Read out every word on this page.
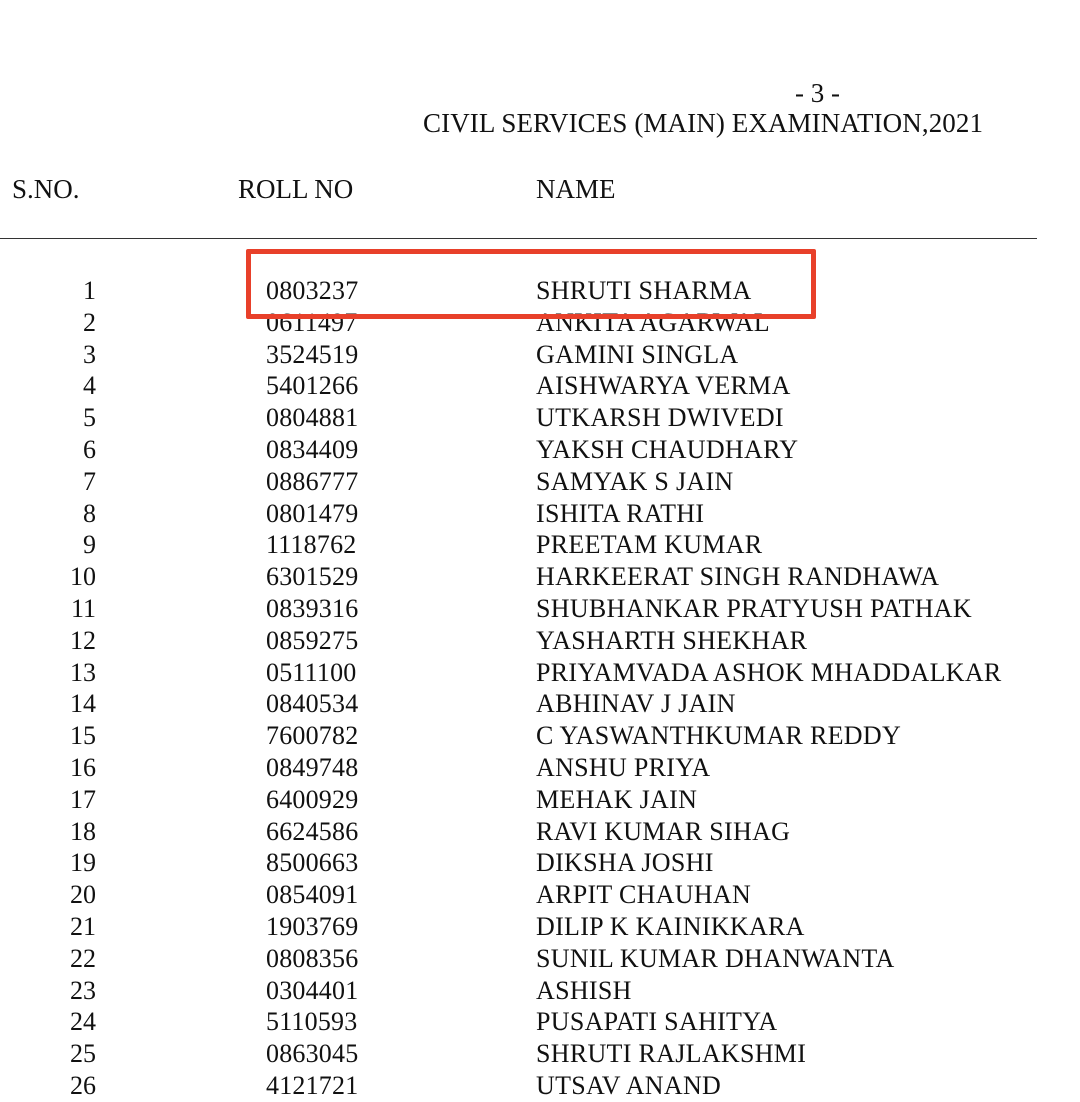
- 3 -
CIVIL SERVICES (MAIN) EXAMINATION,2021
S.NO.	ROLL NO	NAME
1	0803237	SHRUTI SHARMA
2	0611497	ANKITA AGARWAL
3	3524519	GAMINI SINGLA
4	5401266	AISHWARYA VERMA
5	0804881	UTKARSH DWIVEDI
6	0834409	YAKSH CHAUDHARY
7	0886777	SAMYAK S JAIN
8	0801479	ISHITA RATHI
9	1118762	PREETAM KUMAR
10	6301529	HARKEERAT SINGH RANDHAWA
11	0839316	SHUBHANKAR PRATYUSH PATHAK
12	0859275	YASHARTH SHEKHAR
13	0511100	PRIYAMVADA ASHOK MHADDALKAR
14	0840534	ABHINAV J JAIN
15	7600782	C YASWANTHKUMAR REDDY
16	0849748	ANSHU PRIYA
17	6400929	MEHAK JAIN
18	6624586	RAVI KUMAR SIHAG
19	8500663	DIKSHA JOSHI
20	0854091	ARPIT CHAUHAN
21	1903769	DILIP K KAINIKKARA
22	0808356	SUNIL KUMAR DHANWANTA
23	0304401	ASHISH
24	5110593	PUSAPATI SAHITYA
25	0863045	SHRUTI RAJLAKSHMI
26	4121721	UTSAV ANAND
